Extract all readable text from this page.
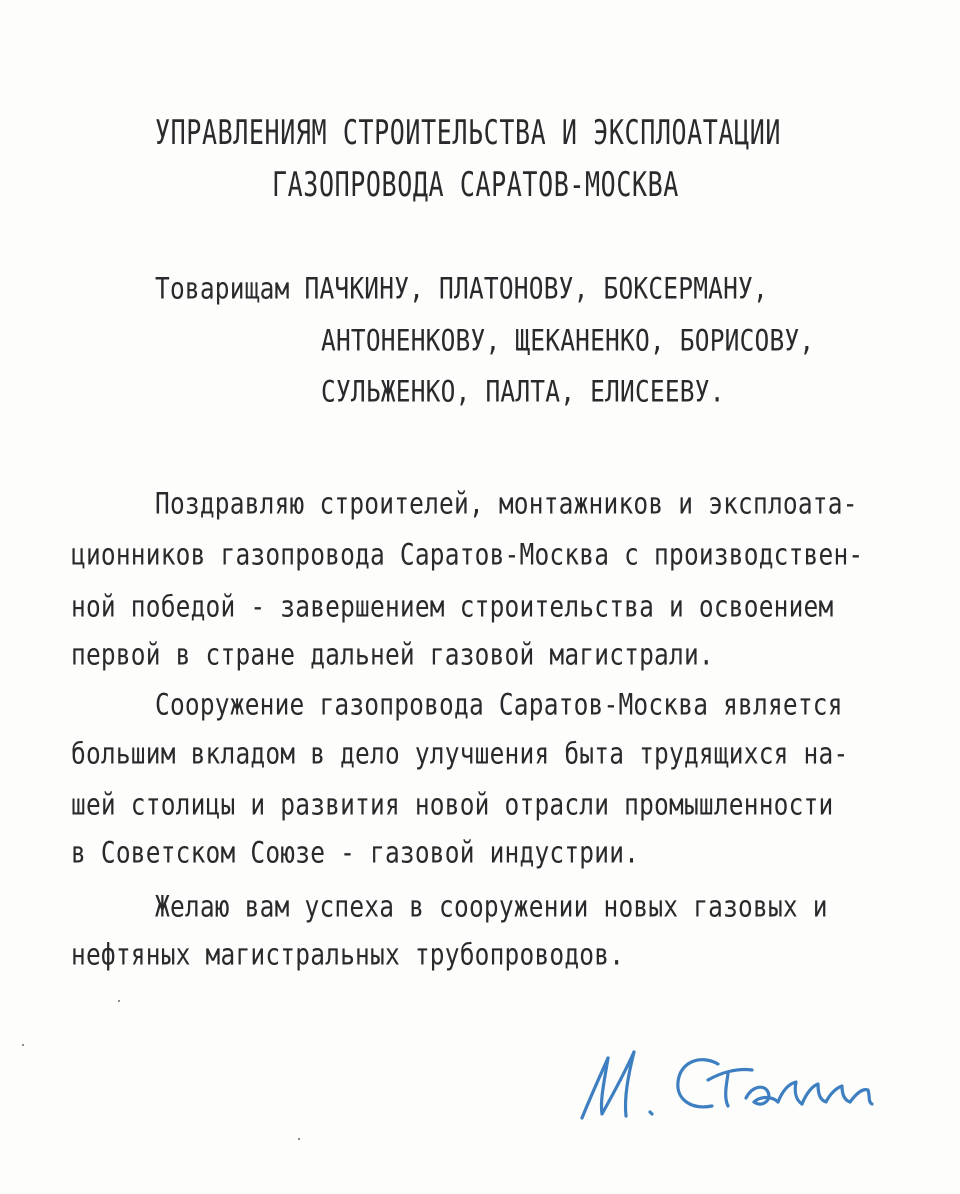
УПРАВЛЕНИЯМ СТРОИТЕЛЬСТВА И ЭКСПЛОАТАЦИИ
ГАЗОПРОВОДА САРАТОВ-МОСКВА
Товарищам ПАЧКИНУ, ПЛАТОНОВУ, БОКСЕРМАНУ,
АНТОНЕНКОВУ, ЩЕКАНЕНКО, БОРИСОВУ,
СУЛЬЖЕНКО, ПАЛТА, ЕЛИСЕЕВУ.
Поздравляю строителей, монтажников и эксплоата-
ционников газопровода Саратов-Москва с производствен-
ной победой - завершением строительства и освоением
первой в стране дальней газовой магистрали.
Сооружение газопровода Саратов-Москва является
большим вкладом в дело улучшения быта трудящихся на-
шей столицы и развития новой отрасли промышленности
в Советском Союзе - газовой индустрии.
Желаю вам успеха в сооружении новых газовых и
нефтяных магистральных трубопроводов.
